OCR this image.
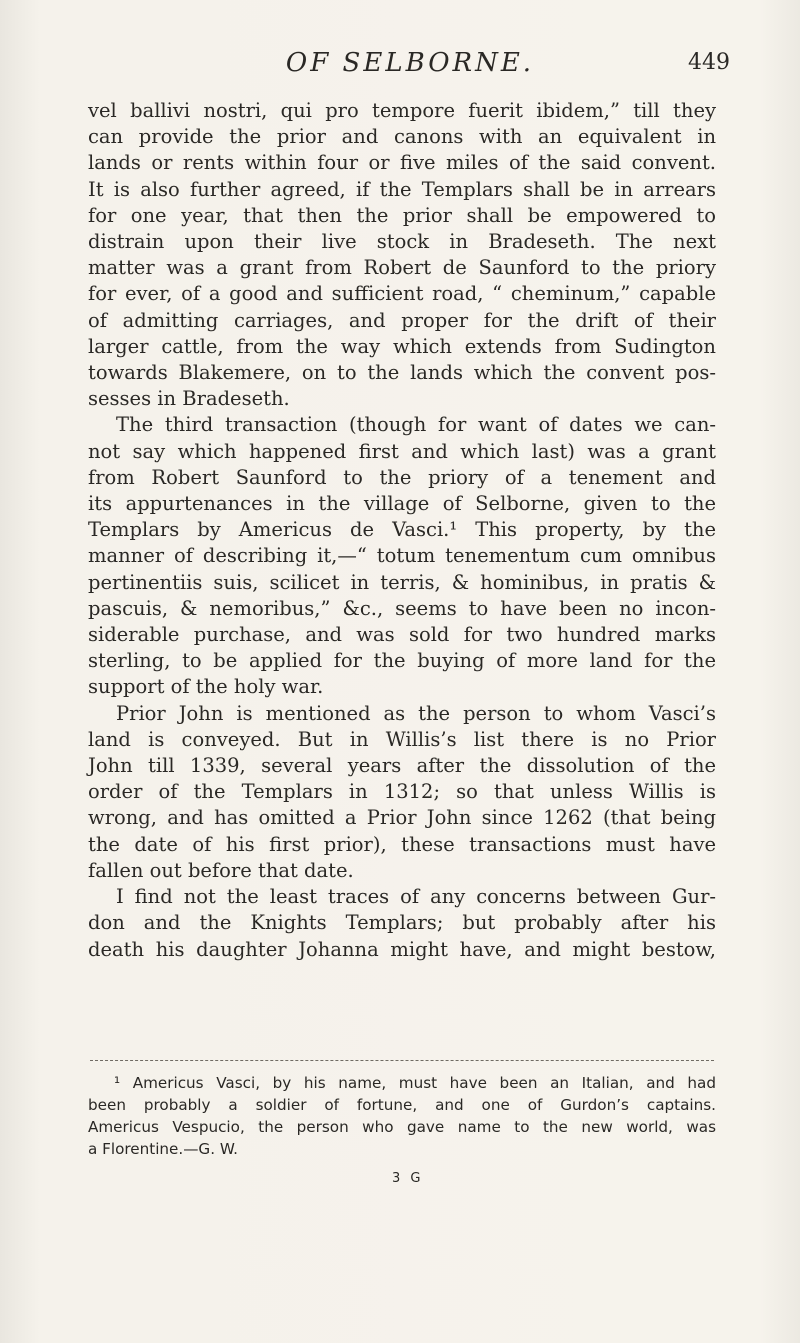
OF SELBORNE.	449
vel ballivi nostri, qui pro tempore fuerit ibidem,” till they
can provide the prior and canons with an equivalent in
lands or rents within four or five miles of the said convent.
It is also further agreed, if the Templars shall be in arrears
for one year, that then the prior shall be empowered to
distrain upon their live stock in Bradeseth. The next
matter was a grant from Robert de Saunford to the priory
for ever, of a good and sufficient road, “ cheminum,” capable
of admitting carriages, and proper for the drift of their
larger cattle, from the way which extends from Sudington
towards Blakemere, on to the lands which the convent pos-
sesses in Bradeseth.
The third transaction (though for want of dates we can-
not say which happened first and which last) was a grant
from Robert Saunford to the priory of a tenement and
its appurtenances in the village of Selborne, given to the
Templars by Americus de Vasci.¹ This property, by the
manner of describing it,—“ totum tenementum cum omnibus
pertinentiis suis, scilicet in terris, & hominibus, in pratis &
pascuis, & nemoribus,” &c., seems to have been no incon-
siderable purchase, and was sold for two hundred marks
sterling, to be applied for the buying of more land for the
support of the holy war.
Prior John is mentioned as the person to whom Vasci’s
land is conveyed. But in Willis’s list there is no Prior
John till 1339, several years after the dissolution of the
order of the Templars in 1312; so that unless Willis is
wrong, and has omitted a Prior John since 1262 (that being
the date of his first prior), these transactions must have
fallen out before that date.
I find not the least traces of any concerns between Gur-
don and the Knights Templars; but probably after his
death his daughter Johanna might have, and might bestow,
¹ Americus Vasci, by his name, must have been an Italian, and had
been probably a soldier of fortune, and one of Gurdon’s captains.
Americus Vespucio, the person who gave name to the new world, was
a Florentine.—G. W.
3 G
